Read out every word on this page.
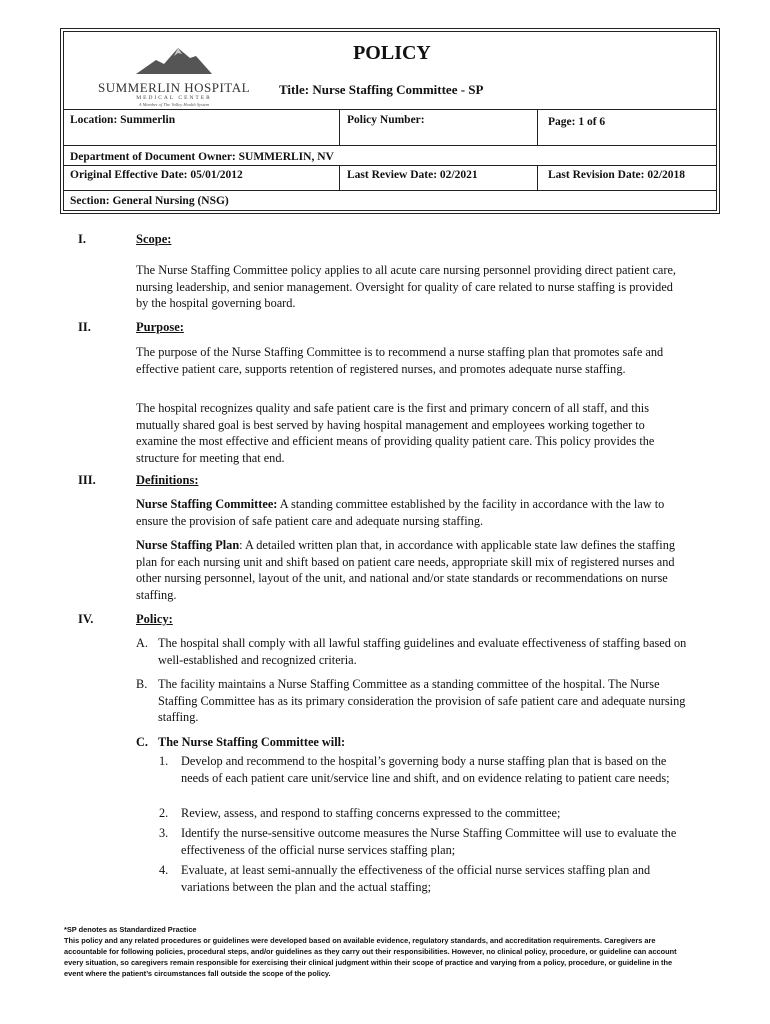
SUMMERLIN HOSPITAL
MEDICAL CENTER
A Member of The Valley Health System
POLICY
Title: Nurse Staffing Committee - SP
Location: Summerlin	Policy Number:	Page: 1 of 6
Department of Document Owner: SUMMERLIN, NV
Original Effective Date: 05/01/2012	Last Review Date: 02/2021	Last Revision Date: 02/2018
Section: General Nursing (NSG)
I.	Scope:
The Nurse Staffing Committee policy applies to all acute care nursing personnel providing direct patient care, nursing leadership, and senior management. Oversight for quality of care related to nurse staffing is provided by the hospital governing board.
II.	Purpose:
The purpose of the Nurse Staffing Committee is to recommend a nurse staffing plan that promotes safe and effective patient care, supports retention of registered nurses, and promotes adequate nurse staffing.
The hospital recognizes quality and safe patient care is the first and primary concern of all staff, and this mutually shared goal is best served by having hospital management and employees working together to examine the most effective and efficient means of providing quality patient care. This policy provides the structure for meeting that end.
III.	Definitions:
Nurse Staffing Committee: A standing committee established by the facility in accordance with the law to ensure the provision of safe patient care and adequate nursing staffing.
Nurse Staffing Plan: A detailed written plan that, in accordance with applicable state law defines the staffing plan for each nursing unit and shift based on patient care needs, appropriate skill mix of registered nurses and other nursing personnel, layout of the unit, and national and/or state standards or recommendations on nurse staffing.
IV.	Policy:
A. The hospital shall comply with all lawful staffing guidelines and evaluate effectiveness of staffing based on well-established and recognized criteria.
B. The facility maintains a Nurse Staffing Committee as a standing committee of the hospital. The Nurse Staffing Committee has as its primary consideration the provision of safe patient care and adequate nursing staffing.
C. The Nurse Staffing Committee will:
1. Develop and recommend to the hospital’s governing body a nurse staffing plan that is based on the needs of each patient care unit/service line and shift, and on evidence relating to patient care needs;
2. Review, assess, and respond to staffing concerns expressed to the committee;
3. Identify the nurse-sensitive outcome measures the Nurse Staffing Committee will use to evaluate the effectiveness of the official nurse services staffing plan;
4. Evaluate, at least semi-annually the effectiveness of the official nurse services staffing plan and variations between the plan and the actual staffing;
*SP denotes as Standardized Practice
This policy and any related procedures or guidelines were developed based on available evidence, regulatory standards, and accreditation requirements. Caregivers are accountable for following policies, procedural steps, and/or guidelines as they carry out their responsibilities. However, no clinical policy, procedure, or guideline can account every situation, so caregivers remain responsible for exercising their clinical judgment within their scope of practice and varying from a policy, procedure, or guideline in the event where the patient’s circumstances fall outside the scope of the policy.
